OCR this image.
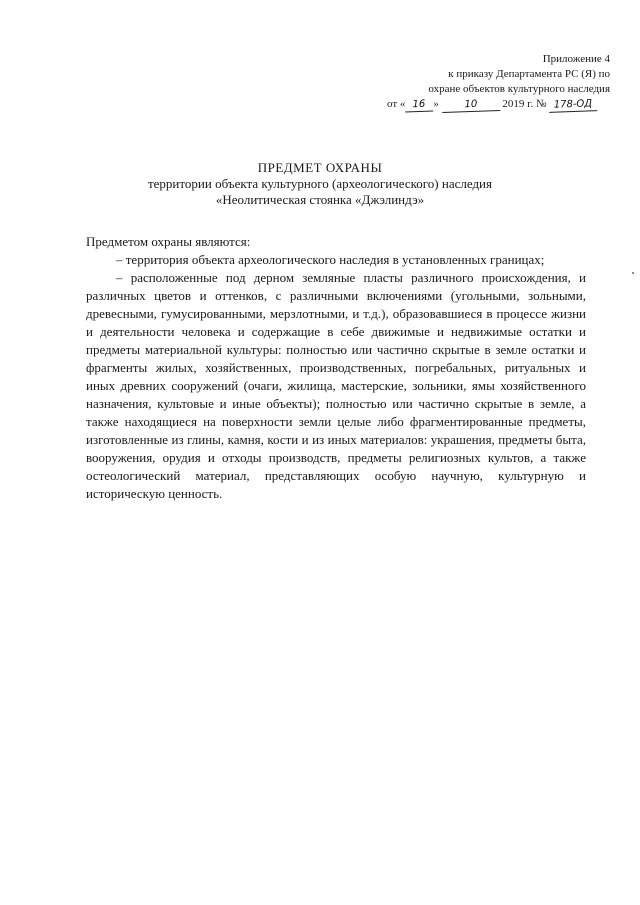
Приложение 4
к приказу Департамента РС (Я) по
охране объектов культурного наследия
от « 16 »	10 2019 г. № 178-ОД
ПРЕДМЕТ ОХРАНЫ
территории объекта культурного (археологического) наследия
«Неолитическая стоянка «Джэлиндэ»

Предметом охраны являются:

– территория объекта археологического наследия в установленных границах;

– расположенные под дерном земляные пласты различного происхождения, и различных цветов и оттенков, с различными включениями (угольными, зольными, древесными, гумусированными, мерзлотными, и т.д.), образовавшиеся в процессе жизни и деятельности человека и содержащие в себе движимые и недвижимые остатки и предметы материальной культуры: полностью или частично скрытые в земле остатки и фрагменты жилых, хозяйственных, производственных, погребальных, ритуальных и иных древних сооружений (очаги, жилища, мастерские, зольники, ямы хозяйственного назначения, культовые и иные объекты); полностью или частично скрытые в земле, а также находящиеся на поверхности земли целые либо фрагментированные предметы, изготовленные из глины, камня, кости и из иных материалов: украшения, предметы быта, вооружения, орудия и отходы производств, предметы религиозных культов, а также остеологический материал, представляющих особую научную, культурную и историческую ценность.
